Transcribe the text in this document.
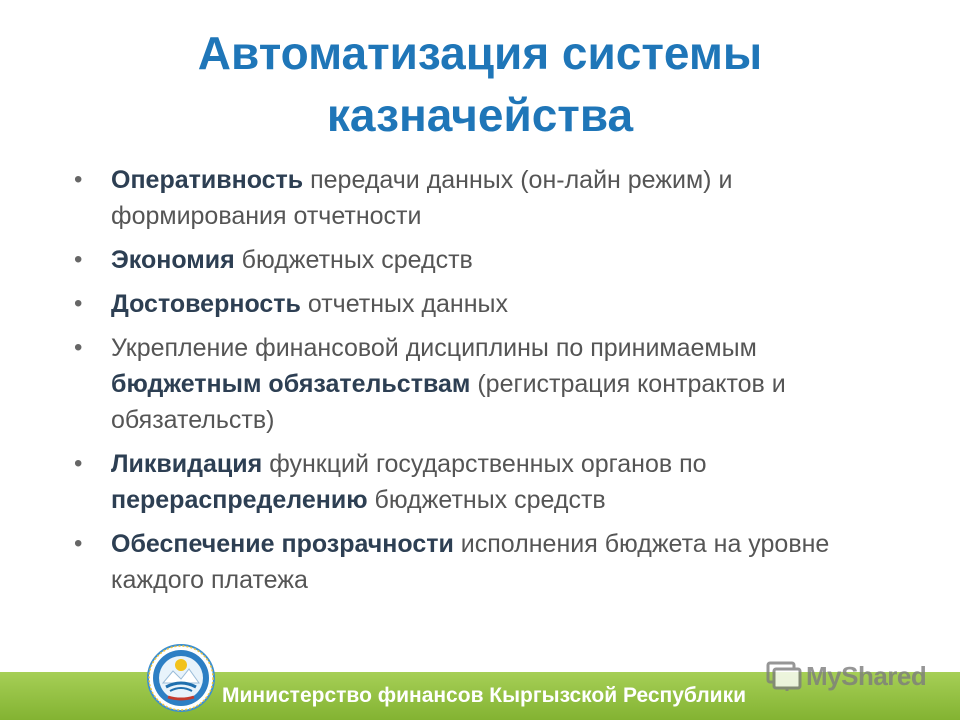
Автоматизация системы
казначейства
•	Оперативность передачи данных (он-лайн режим) и формирования отчетности
•	Экономия бюджетных средств
•	Достоверность отчетных данных
•	Укрепление финансовой дисциплины по принимаемым бюджетным обязательствам (регистрация контрактов и обязательств)
•	Ликвидация функций государственных органов по перераспределению бюджетных средств
•	Обеспечение прозрачности исполнения бюджета на уровне каждого платежа
Министерство финансов Кыргызской Республики
MyShared
